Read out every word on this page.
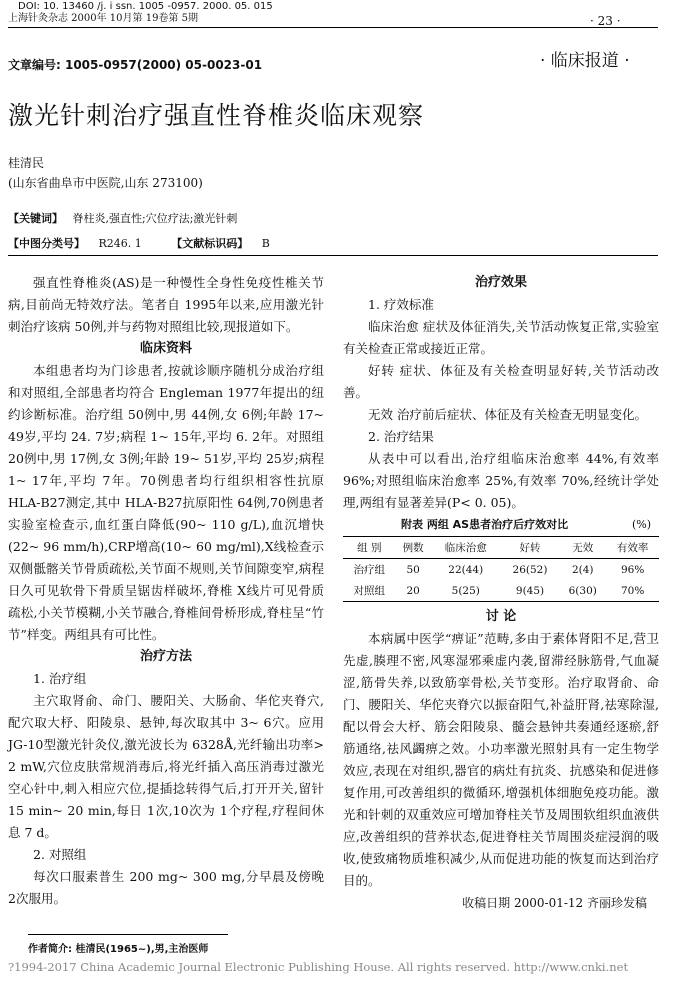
DOI: 10. 13460 /j. i ssn. 1005 -0957. 2000. 05. 015
上海针灸杂志 2000年 10月第 19卷第 5期	· 23 ·
文章编号: 1005-0957(2000) 05-0023-01	· 临床报道 ·
激光针刺治疗强直性脊椎炎临床观察
桂清民
(山东省曲阜市中医院,山东 273100)
【关键词】 脊柱炎,强直性;穴位疗法;激光针刺
【中图分类号】 R246. 1	【文献标识码】 B

强直性脊椎炎(AS)是一种慢性全身性免疫性椎关节病,目前尚无特效疗法。笔者自 1995年以来,应用激光针刺治疗该病 50例,并与药物对照组比较,现报道如下。

临床资料

本组患者均为门诊患者,按就诊顺序随机分成治疗组和对照组,全部患者均符合 Engleman 1977年提出的纽约诊断标准。治疗组 50例中,男 44例,女 6例;年龄 17~ 49岁,平均 24. 7岁;病程 1~ 15年,平均 6. 2年。对照组 20例中,男 17例,女 3例;年龄 19~ 51岁,平均 25岁;病程 1~ 17年,平均 7年。70例患者均行组织相容性抗原 HLA-B27测定,其中 HLA-B27抗原阳性 64例,70例患者实验室检查示,血红蛋白降低(90~ 110 g/L),血沉增快(22~ 96 mm/h),CRP增高(10~ 60 mg/ml),X线检查示双侧骶髂关节骨质疏松,关节面不规则,关节间隙变窄,病程日久可见软骨下骨质呈锯齿样破坏,脊椎 X线片可见骨质疏松,小关节模糊,小关节融合,脊椎间骨桥形成,脊柱呈“竹节”样变。两组具有可比性。

治疗方法
1. 治疗组

主穴取肾俞、命门、腰阳关、大肠俞、华佗夹脊穴,配穴取大杼、阳陵泉、悬钟,每次取其中 3~ 6穴。应用 JG-10型激光针灸仪,激光波长为 6328Å,光纤输出功率> 2 mW,穴位皮肤常规消毒后,将光纤插入高压消毒过激光空心针中,刺入相应穴位,提插捻转得气后,打开开关,留针 15 min~ 20 min,每日 1次,10次为 1个疗程,疗程间休息 7 d。

2. 对照组

每次口服素普生 200 mg~ 300 mg,分早晨及傍晚 2次服用。

治疗效果
1. 疗效标准

临床治愈 症状及体征消失,关节活动恢复正常,实验室有关检查正常或接近正常。

好转 症状、体征及有关检查明显好转,关节活动改善。

无效 治疗前后症状、体征及有关检查无明显变化。

2. 治疗结果

从表中可以看出,治疗组临床治愈率 44%,有效率 96%;对照组临床治愈率 25%,有效率 70%,经统计学处理,两组有显著差异(P< 0. 05)。

附表 两组 AS患者治疗后疗效对比	(%)
组 别	例数	临床治愈	好转	无效	有效率
治疗组	50	22(44)	26(52)	2(4)	96%
对照组	20	5(25)	9(45)	6(30)	70%
讨 论

本病属中医学“痹证”范畴,多由于素体肾阳不足,营卫先虚,腠理不密,风寒湿邪乘虚内袭,留滞经脉筋骨,气血凝涩,筋骨失养,以致筋挛骨松,关节变形。治疗取肾俞、命门、腰阳关、华佗夹脊穴以振奋阳气,补益肝肾,祛寒除湿,配以骨会大杼、筋会阳陵泉、髓会悬钟共奏通经逐瘀,舒筋通络,祛风蠲痹之效。小功率激光照射具有一定生物学效应,表现在对组织,器官的病灶有抗炎、抗感染和促进修复作用,可改善组织的微循环,增强机体细胞免疫功能。激光和针刺的双重效应可增加脊柱关节及周围软组织血液供应,改善组织的营养状态,促进脊柱关节周围炎症浸润的吸收,使致痛物质堆积减少,从而促进功能的恢复而达到治疗目的。

收稿日期 2000-01-12 齐丽珍发稿
作者简介: 桂清民(1965~),男,主治医师
?1994-2017 China Academic Journal Electronic Publishing House. All rights reserved. http://www.cnki.net
